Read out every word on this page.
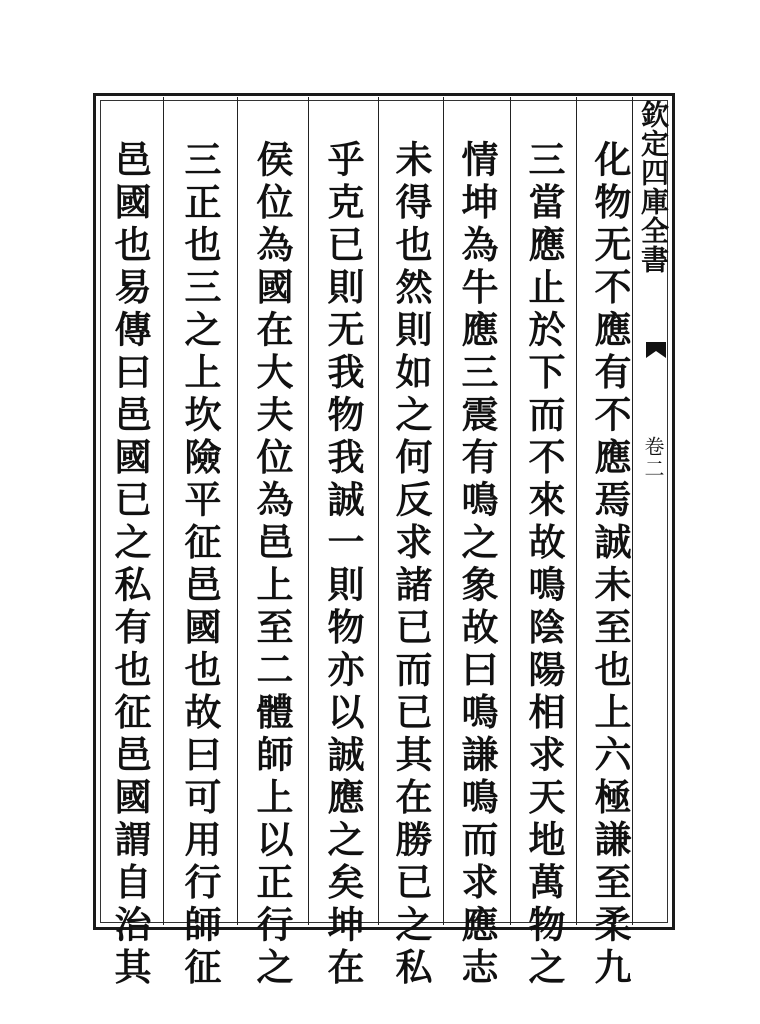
欽定四庫全書
卷二
化物无不應有不應焉誠未至也上六極謙至柔九
三當應止於下而不來故鳴陰陽相求天地萬物之
情坤為牛應三震有鳴之象故曰鳴謙鳴而求應志
未得也然則如之何反求諸已而已其在勝已之私
乎克已則无我物我誠一則物亦以誠應之矣坤在
侯位為國在大夫位為邑上至二體師上以正行之
三正也三之上坎險平征邑國也故曰可用行師征
邑國也易傳曰邑國已之私有也征邑國謂自治其
